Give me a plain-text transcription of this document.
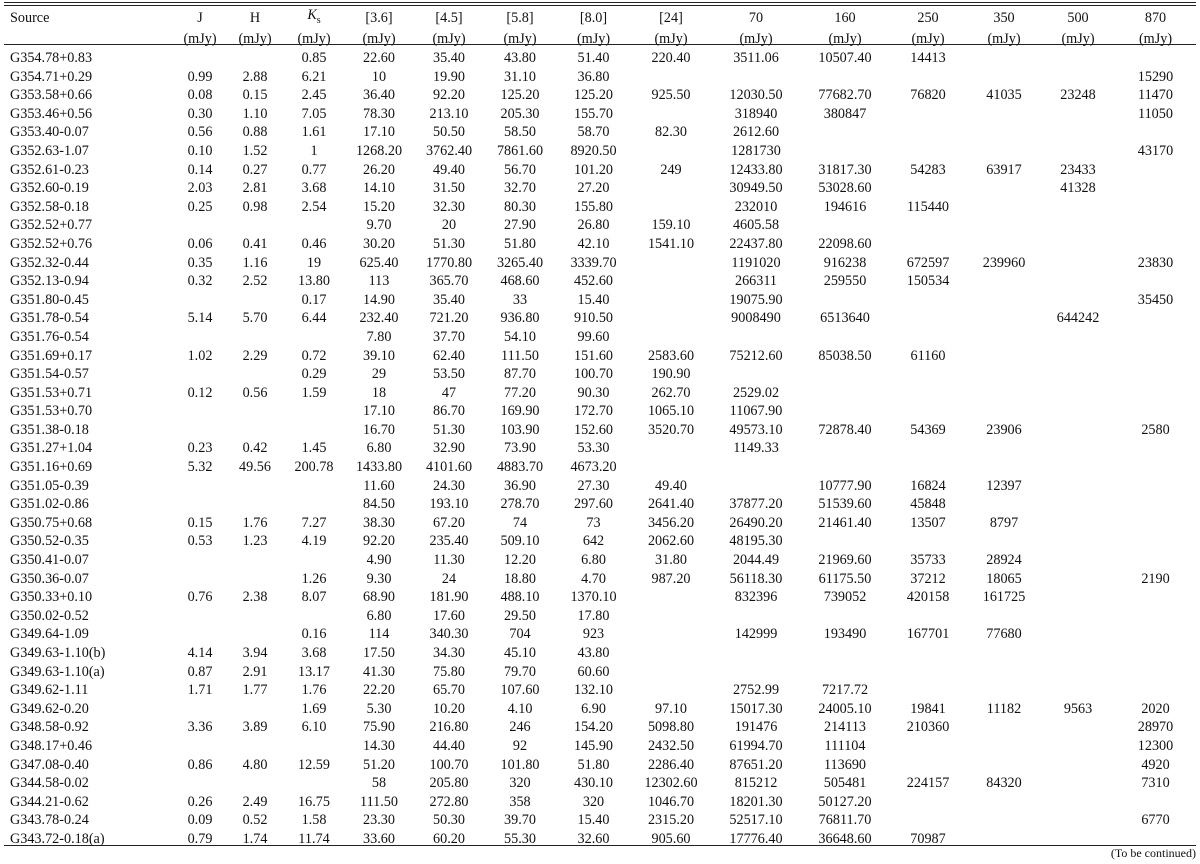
Source	J	H	$K_s$	[3.6]	[4.5]	[5.8]	[8.0]	[24]	70	160	250	350	500	870
	(mJy)	(mJy)	(mJy)	(mJy)	(mJy)	(mJy)	(mJy)	(mJy)	(mJy)	(mJy)	(mJy)	(mJy)	(mJy)	(mJy)
G354.78+0.83			0.85	22.60	35.40	43.80	51.40	220.40	3511.06	10507.40	14413			
G354.71+0.29	0.99	2.88	6.21	10	19.90	31.10	36.80							15290
G353.58+0.66	0.08	0.15	2.45	36.40	92.20	125.20	125.20	925.50	12030.50	77682.70	76820	41035	23248	11470
G353.46+0.56	0.30	1.10	7.05	78.30	213.10	205.30	155.70		318940	380847				11050
G353.40-0.07	0.56	0.88	1.61	17.10	50.50	58.50	58.70	82.30	2612.60					
G352.63-1.07	0.10	1.52	1	1268.20	3762.40	7861.60	8920.50		1281730					43170
G352.61-0.23	0.14	0.27	0.77	26.20	49.40	56.70	101.20	249	12433.80	31817.30	54283	63917	23433	
G352.60-0.19	2.03	2.81	3.68	14.10	31.50	32.70	27.20		30949.50	53028.60			41328	
G352.58-0.18	0.25	0.98	2.54	15.20	32.30	80.30	155.80		232010	194616	115440			
G352.52+0.77				9.70	20	27.90	26.80	159.10	4605.58					
G352.52+0.76	0.06	0.41	0.46	30.20	51.30	51.80	42.10	1541.10	22437.80	22098.60				
G352.32-0.44	0.35	1.16	19	625.40	1770.80	3265.40	3339.70		1191020	916238	672597	239960		23830
G352.13-0.94	0.32	2.52	13.80	113	365.70	468.60	452.60		266311	259550	150534			
G351.80-0.45			0.17	14.90	35.40	33	15.40		19075.90					35450
G351.78-0.54	5.14	5.70	6.44	232.40	721.20	936.80	910.50		9008490	6513640			644242	
G351.76-0.54				7.80	37.70	54.10	99.60							
G351.69+0.17	1.02	2.29	0.72	39.10	62.40	111.50	151.60	2583.60	75212.60	85038.50	61160			
G351.54-0.57			0.29	29	53.50	87.70	100.70	190.90						
G351.53+0.71	0.12	0.56	1.59	18	47	77.20	90.30	262.70	2529.02					
G351.53+0.70				17.10	86.70	169.90	172.70	1065.10	11067.90					
G351.38-0.18				16.70	51.30	103.90	152.60	3520.70	49573.10	72878.40	54369	23906		2580
G351.27+1.04	0.23	0.42	1.45	6.80	32.90	73.90	53.30		1149.33					
G351.16+0.69	5.32	49.56	200.78	1433.80	4101.60	4883.70	4673.20							
G351.05-0.39				11.60	24.30	36.90	27.30	49.40		10777.90	16824	12397		
G351.02-0.86				84.50	193.10	278.70	297.60	2641.40	37877.20	51539.60	45848			
G350.75+0.68	0.15	1.76	7.27	38.30	67.20	74	73	3456.20	26490.20	21461.40	13507	8797		
G350.52-0.35	0.53	1.23	4.19	92.20	235.40	509.10	642	2062.60	48195.30					
G350.41-0.07				4.90	11.30	12.20	6.80	31.80	2044.49	21969.60	35733	28924		
G350.36-0.07			1.26	9.30	24	18.80	4.70	987.20	56118.30	61175.50	37212	18065		2190
G350.33+0.10	0.76	2.38	8.07	68.90	181.90	488.10	1370.10		832396	739052	420158	161725		
G350.02-0.52				6.80	17.60	29.50	17.80							
G349.64-1.09			0.16	114	340.30	704	923		142999	193490	167701	77680		
G349.63-1.10(b)	4.14	3.94	3.68	17.50	34.30	45.10	43.80							
G349.63-1.10(a)	0.87	2.91	13.17	41.30	75.80	79.70	60.60							
G349.62-1.11	1.71	1.77	1.76	22.20	65.70	107.60	132.10		2752.99	7217.72				
G349.62-0.20			1.69	5.30	10.20	4.10	6.90	97.10	15017.30	24005.10	19841	11182	9563	2020
G348.58-0.92	3.36	3.89	6.10	75.90	216.80	246	154.20	5098.80	191476	214113	210360			28970
G348.17+0.46				14.30	44.40	92	145.90	2432.50	61994.70	111104				12300
G347.08-0.40	0.86	4.80	12.59	51.20	100.70	101.80	51.80	2286.40	87651.20	113690				4920
G344.58-0.02				58	205.80	320	430.10	12302.60	815212	505481	224157	84320		7310
G344.21-0.62	0.26	2.49	16.75	111.50	272.80	358	320	1046.70	18201.30	50127.20				
G343.78-0.24	0.09	0.52	1.58	23.30	50.30	39.70	15.40	2315.20	52517.10	76811.70				6770
G343.72-0.18(a)	0.79	1.74	11.74	33.60	60.20	55.30	32.60	905.60	17776.40	36648.60	70987			
(To be continued)
